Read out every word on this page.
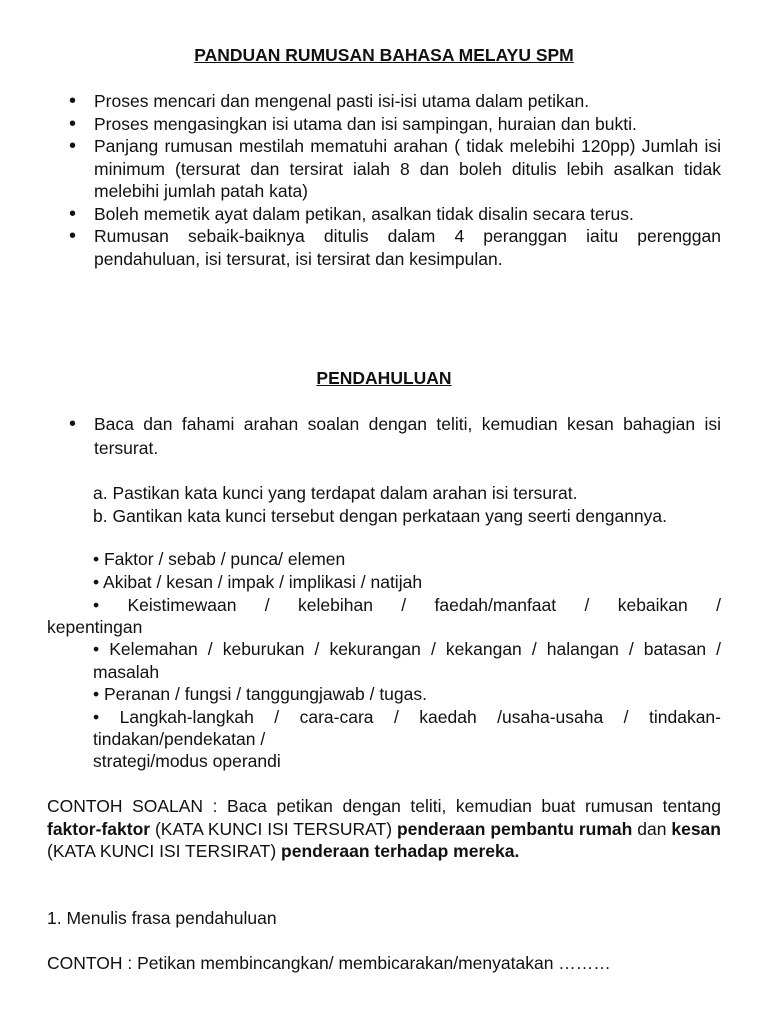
PANDUAN RUMUSAN BAHASA MELAYU SPM
• Proses mencari dan mengenal pasti isi-isi utama dalam petikan.
• Proses mengasingkan isi utama dan isi sampingan, huraian dan bukti.
• Panjang rumusan mestilah mematuhi arahan ( tidak melebihi 120pp) Jumlah isi minimum (tersurat dan tersirat ialah 8 dan boleh ditulis lebih asalkan tidak melebihi jumlah patah kata)
• Boleh memetik ayat dalam petikan, asalkan tidak disalin secara terus.
• Rumusan sebaik-baiknya ditulis dalam 4 peranggan iaitu perenggan pendahuluan, isi tersurat, isi tersirat dan kesimpulan.
PENDAHULUAN
• Baca dan fahami arahan soalan dengan teliti, kemudian kesan bahagian isi tersurat.

a. Pastikan kata kunci yang terdapat dalam arahan isi tersurat.

b. Gantikan kata kunci tersebut dengan perkataan yang seerti dengannya.

• Faktor / sebab / punca/ elemen
• Akibat / kesan / impak / implikasi / natijah
• Keistimewaan / kelebihan / faedah/manfaat / kebaikan /
kepentingan
• Kelemahan / keburukan / kekurangan / kekangan / halangan / batasan / masalah
• Peranan / fungsi / tanggungjawab / tugas.
• Langkah-langkah / cara-cara / kaedah /usaha-usaha / tindakan-
tindakan/pendekatan /
strategi/modus operandi
CONTOH SOALAN : Baca petikan dengan teliti, kemudian buat rumusan tentang faktor-faktor (KATA KUNCI ISI TERSURAT) penderaan pembantu rumah dan kesan (KATA KUNCI ISI TERSIRAT) penderaan terhadap mereka.
1. Menulis frasa pendahuluan
CONTOH : Petikan membincangkan/ membicarakan/menyatakan ………
